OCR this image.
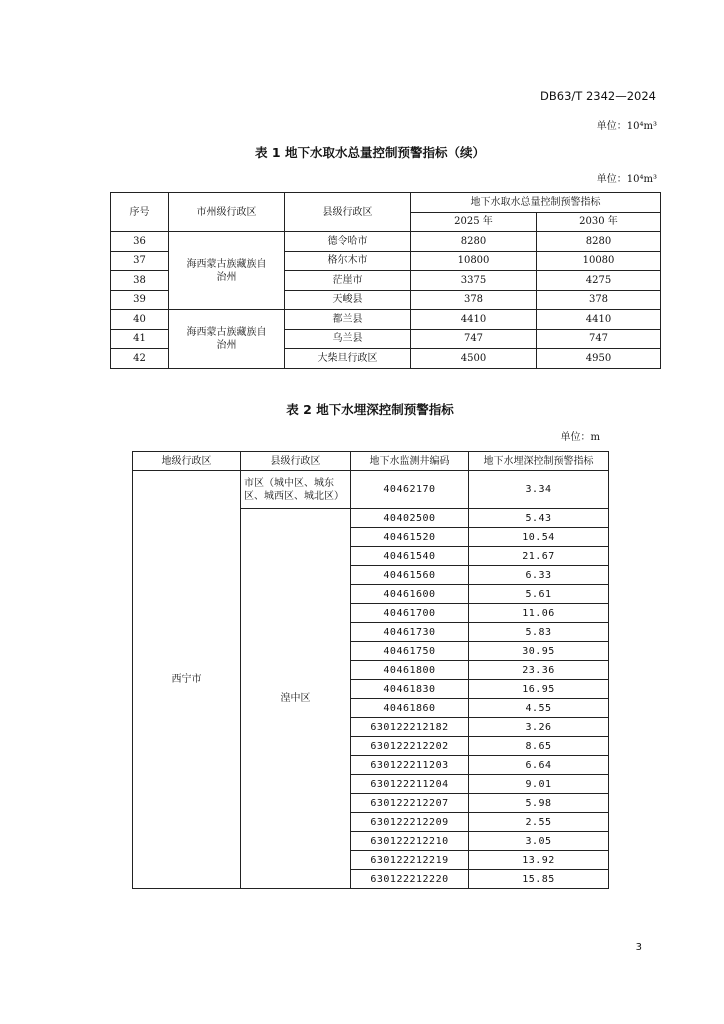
DB63/T 2342—2024
单位：10⁴m³
表 1 地下水取水总量控制预警指标（续）
单位：10⁴m³
序号	市州级行政区	县级行政区	地下水取水总量控制预警指标	
			2025 年	2030 年
36	海西蒙古族藏族自治州	德令哈市	8280	8280
37		格尔木市	10800	10080
38		茫崖市	3375	4275
39		天峻县	378	378
40	海西蒙古族藏族自治州	都兰县	4410	4410
41		乌兰县	747	747
42		大柴旦行政区	4500	4950
表 2 地下水埋深控制预警指标
单位：m
地级行政区	县级行政区	地下水监测井编码	地下水埋深控制预警指标
西宁市	市区（城中区、城东区、城西区、城北区）	40462170	3.34
	湟中区	40402500	5.43
		40461520	10.54
		40461540	21.67
		40461560	6.33
		40461600	5.61
		40461700	11.06
		40461730	5.83
		40461750	30.95
		40461800	23.36
		40461830	16.95
		40461860	4.55
		630122212182	3.26
		630122212202	8.65
		630122211203	6.64
		630122211204	9.01
		630122212207	5.98
		630122212209	2.55
		630122212210	3.05
		630122212219	13.92
		630122212220	15.85
3
